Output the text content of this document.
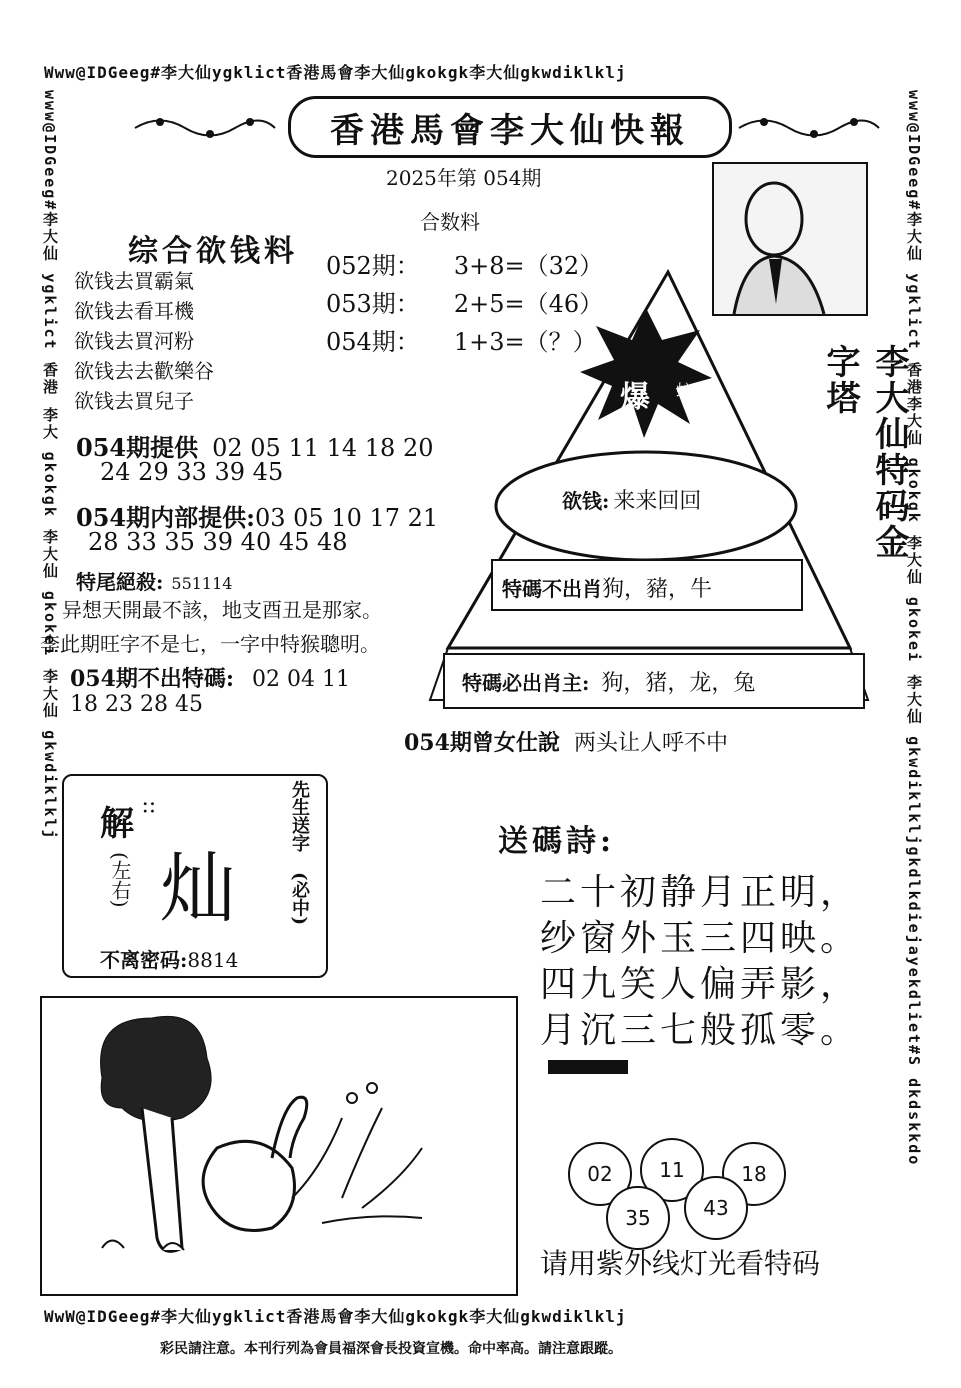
Www@IDGeeg#李大仙ygklict香港馬會李大仙gkokgk李大仙gkwdiklklj
www@IDGeeg#李大仙 ygklict 香港 李大 gkokgk 李大仙 gkokei 李大仙 gkwdiklklj	www@IDGeeg#李大仙 ygklict 香港李大仙 gkokgk 李大仙 gkokei 李大仙 gkwdiklkljgkdlkdiejayekdliet#S dkdskkdo
香港馬會李大仙快報
2025年第 054期
合数料
052期： 3+8=（32）
053期： 2+5=（46）
054期： 1+3=（？）
综合欲钱料
欲钱去買霸氣
欲钱去看耳機
欲钱去買河粉
欲钱去去歡樂谷
欲钱去買兒子
054期提供 02 05 11 14 18 20
24 29 33 39 45
054期内部提供:03 05 10 17 21
28 33 35 39 40 45 48
特尾絕殺: 551114
异想天開最不該，地支酉丑是那家。
李此期旺字不是七，一字中特猴聰明。
054期不出特碼: 02 04 11
18 23 28 45
爆 蛇
欲钱: 来来回回
特碼不出肖狗，豬，牛
特碼必出肖主: 狗，猪，龙，兔
李大仙特码金字塔
054期曾女仕說 两头让人呼不中
解 ::
(左右) 灿
先生送字
(必中)
不离密码:8814
送碼詩:
二十初静月正明，
纱窗外玉三四映。
四九笑人偏弄影，
月沉三七般孤零。
02	11	18
35	43
请用紫外线灯光看特码
WwW@IDGeeg#李大仙ygklict香港馬會李大仙gkokgk李大仙gkwdiklklj
彩民請注意。本刊行列為會員福深會長投資宣機。命中率高。請注意跟蹤。
